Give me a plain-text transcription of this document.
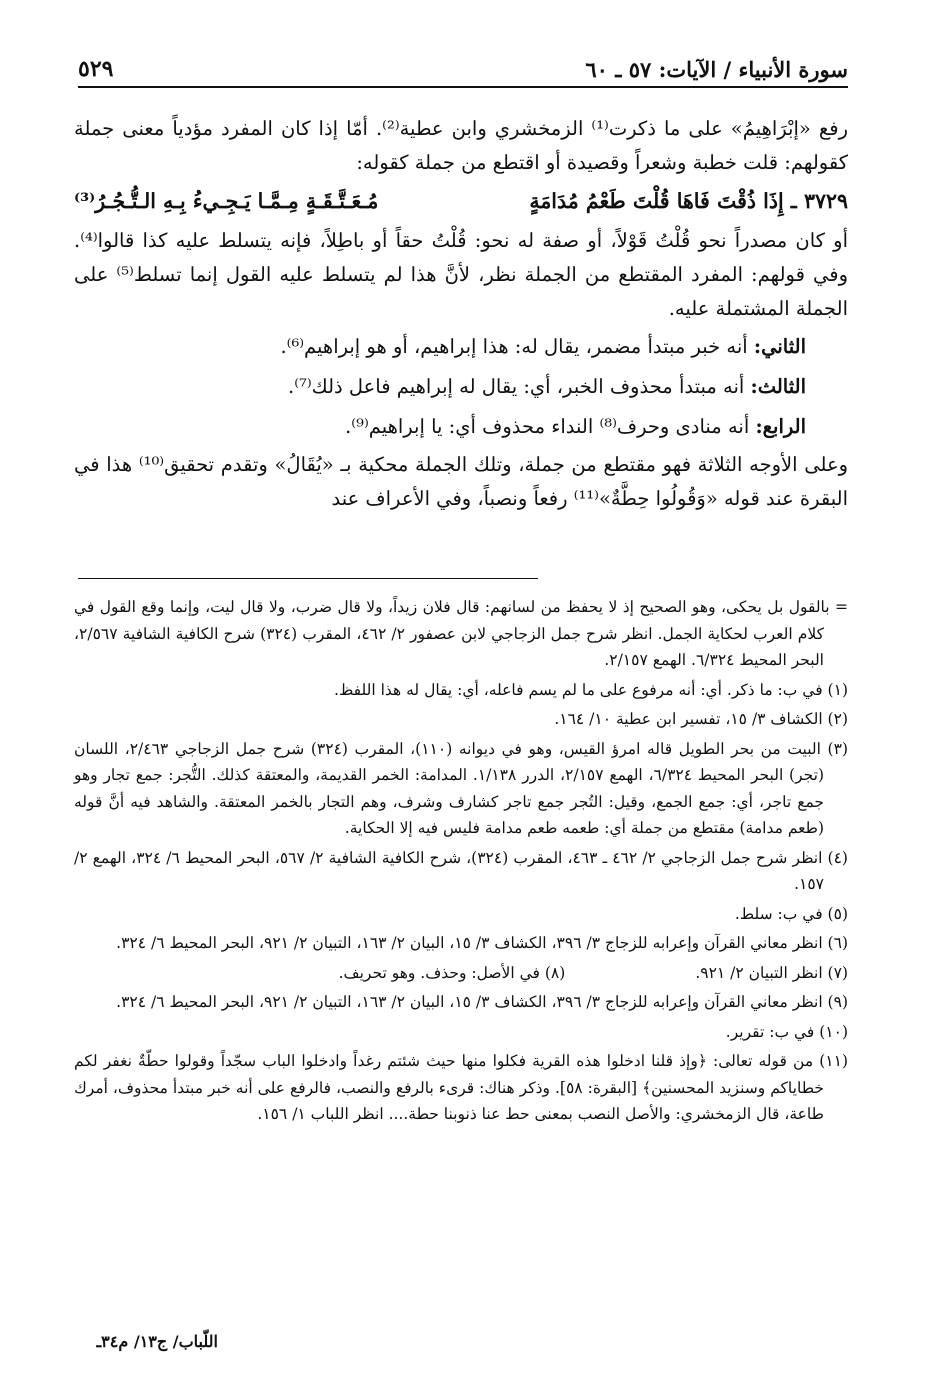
سورة الأنبياء / الآيات: ٥٧ ـ ٦٠
٥٢٩

رفع «إبْرَاهِيمُ» على ما ذكرت⁽¹⁾ الزمخشري وابن عطية⁽²⁾. أمّا إذا كان المفرد مؤدياً معنى جملة كقولهم: قلت خطبة وشعراً وقصيدة أو اقتطع من جملة كقوله:

٣٧٢٩ ـ إِذَا ذُقْتَ فَاهَا قُلْتَ طَعْمُ مُدَامَةٍ
مُـعَـتَّـقَـةٍ مِـمَّـا يَـجِـيءُ بِـهِ الـتُّـجُـرُ⁽³⁾

أو كان مصدراً نحو قُلْتُ قَوْلاً، أو صفة له نحو: قُلْتُ حقاً أو باطِلاً، فإنه يتسلط عليه كذا قالوا⁽⁴⁾. وفي قولهم: المفرد المقتطع من الجملة نظر، لأنَّ هذا لم يتسلط عليه القول إنما تسلط⁽⁵⁾ على الجملة المشتملة عليه.

الثاني: أنه خبر مبتدأ مضمر، يقال له: هذا إبراهيم، أو هو إبراهيم⁽⁶⁾.

الثالث: أنه مبتدأ محذوف الخبر، أي: يقال له إبراهيم فاعل ذلك⁽⁷⁾.

الرابع: أنه منادى وحرف⁽⁸⁾ النداء محذوف أي: يا إبراهيم⁽⁹⁾.

وعلى الأوجه الثلاثة فهو مقتطع من جملة، وتلك الجملة محكية بـ «يُقَالُ» وتقدم تحقيق⁽¹⁰⁾ هذا في البقرة عند قوله «وَقُولُوا حِطَّةٌ»⁽¹¹⁾ رفعاً ونصباً، وفي الأعراف عند

= بالقول بل يحكى، وهو الصحيح إذ لا يحفظ من لسانهم: قال فلان زيداً، ولا قال ضرب، ولا قال ليت، وإنما وقع القول في كلام العرب لحكاية الجمل. انظر شرح جمل الزجاجي لابن عصفور ٢/ ٤٦٢، المقرب (٣٢٤) شرح الكافية الشافية ٢/٥٦٧، البحر المحيط ٦/٣٢٤. الهمع ٢/١٥٧.

(١) في ب: ما ذكر. أي: أنه مرفوع على ما لم يسم فاعله، أي: يقال له هذا اللفظ.

(٢) الكشاف ٣/ ١٥، تفسير ابن عطية ١٠/ ١٦٤.

(٣) البيت من بحر الطويل قاله امرؤ القيس، وهو في ديوانه (١١٠)، المقرب (٣٢٤) شرح جمل الزجاجي ٢/٤٦٣، اللسان (تجر) البحر المحيط ٦/٣٢٤، الهمع ٢/١٥٧، الدرر ١/١٣٨. المدامة: الخمر القديمة، والمعتقة كذلك. التُّجر: جمع تجار وهو جمع تاجر، أي: جمع الجمع، وقيل: التُجر جمع تاجر كشارف وشرف، وهم التجار بالخمر المعتقة. والشاهد فيه أنَّ قوله (طعم مدامة) مقتطع من جملة أي: طعمه طعم مدامة فليس فيه إلا الحكاية.

(٤) انظر شرح جمل الزجاجي ٢/ ٤٦٢ ـ ٤٦٣، المقرب (٣٢٤)، شرح الكافية الشافية ٢/ ٥٦٧، البحر المحيط ٦/ ٣٢٤، الهمع ٢/ ١٥٧.

(٥) في ب: سلط.

(٦) انظر معاني القرآن وإعرابه للزجاج ٣/ ٣٩٦، الكشاف ٣/ ١٥، البيان ٢/ ١٦٣، التبيان ٢/ ٩٢١، البحر المحيط ٦/ ٣٢٤.

(٧) انظر التبيان ٢/ ٩٢١.
(٨) في الأصل: وحذف. وهو تحريف.

(٩) انظر معاني القرآن وإعرابه للزجاج ٣/ ٣٩٦، الكشاف ٣/ ١٥، البيان ٢/ ١٦٣، التبيان ٢/ ٩٢١، البحر المحيط ٦/ ٣٢٤.

(١٠) في ب: تقرير.

(١١) من قوله تعالى: ﴿وإذ قلنا ادخلوا هذه القرية فكلوا منها حيث شئتم رغداً وادخلوا الباب سجّداً وقولوا حطّةٌ نغفر لكم خطاياكم وسنزيد المحسنين﴾ [البقرة: ٥٨]. وذكر هناك: قرىء بالرفع والنصب، فالرفع على أنه خبر مبتدأ محذوف، أمرك طاعة، قال الزمخشري: والأصل النصب بمعنى حط عنا ذنوبنا حطة.... انظر اللباب ١/ ١٥٦.

اللّباب/ ج١٣/ م٣٤ـ
